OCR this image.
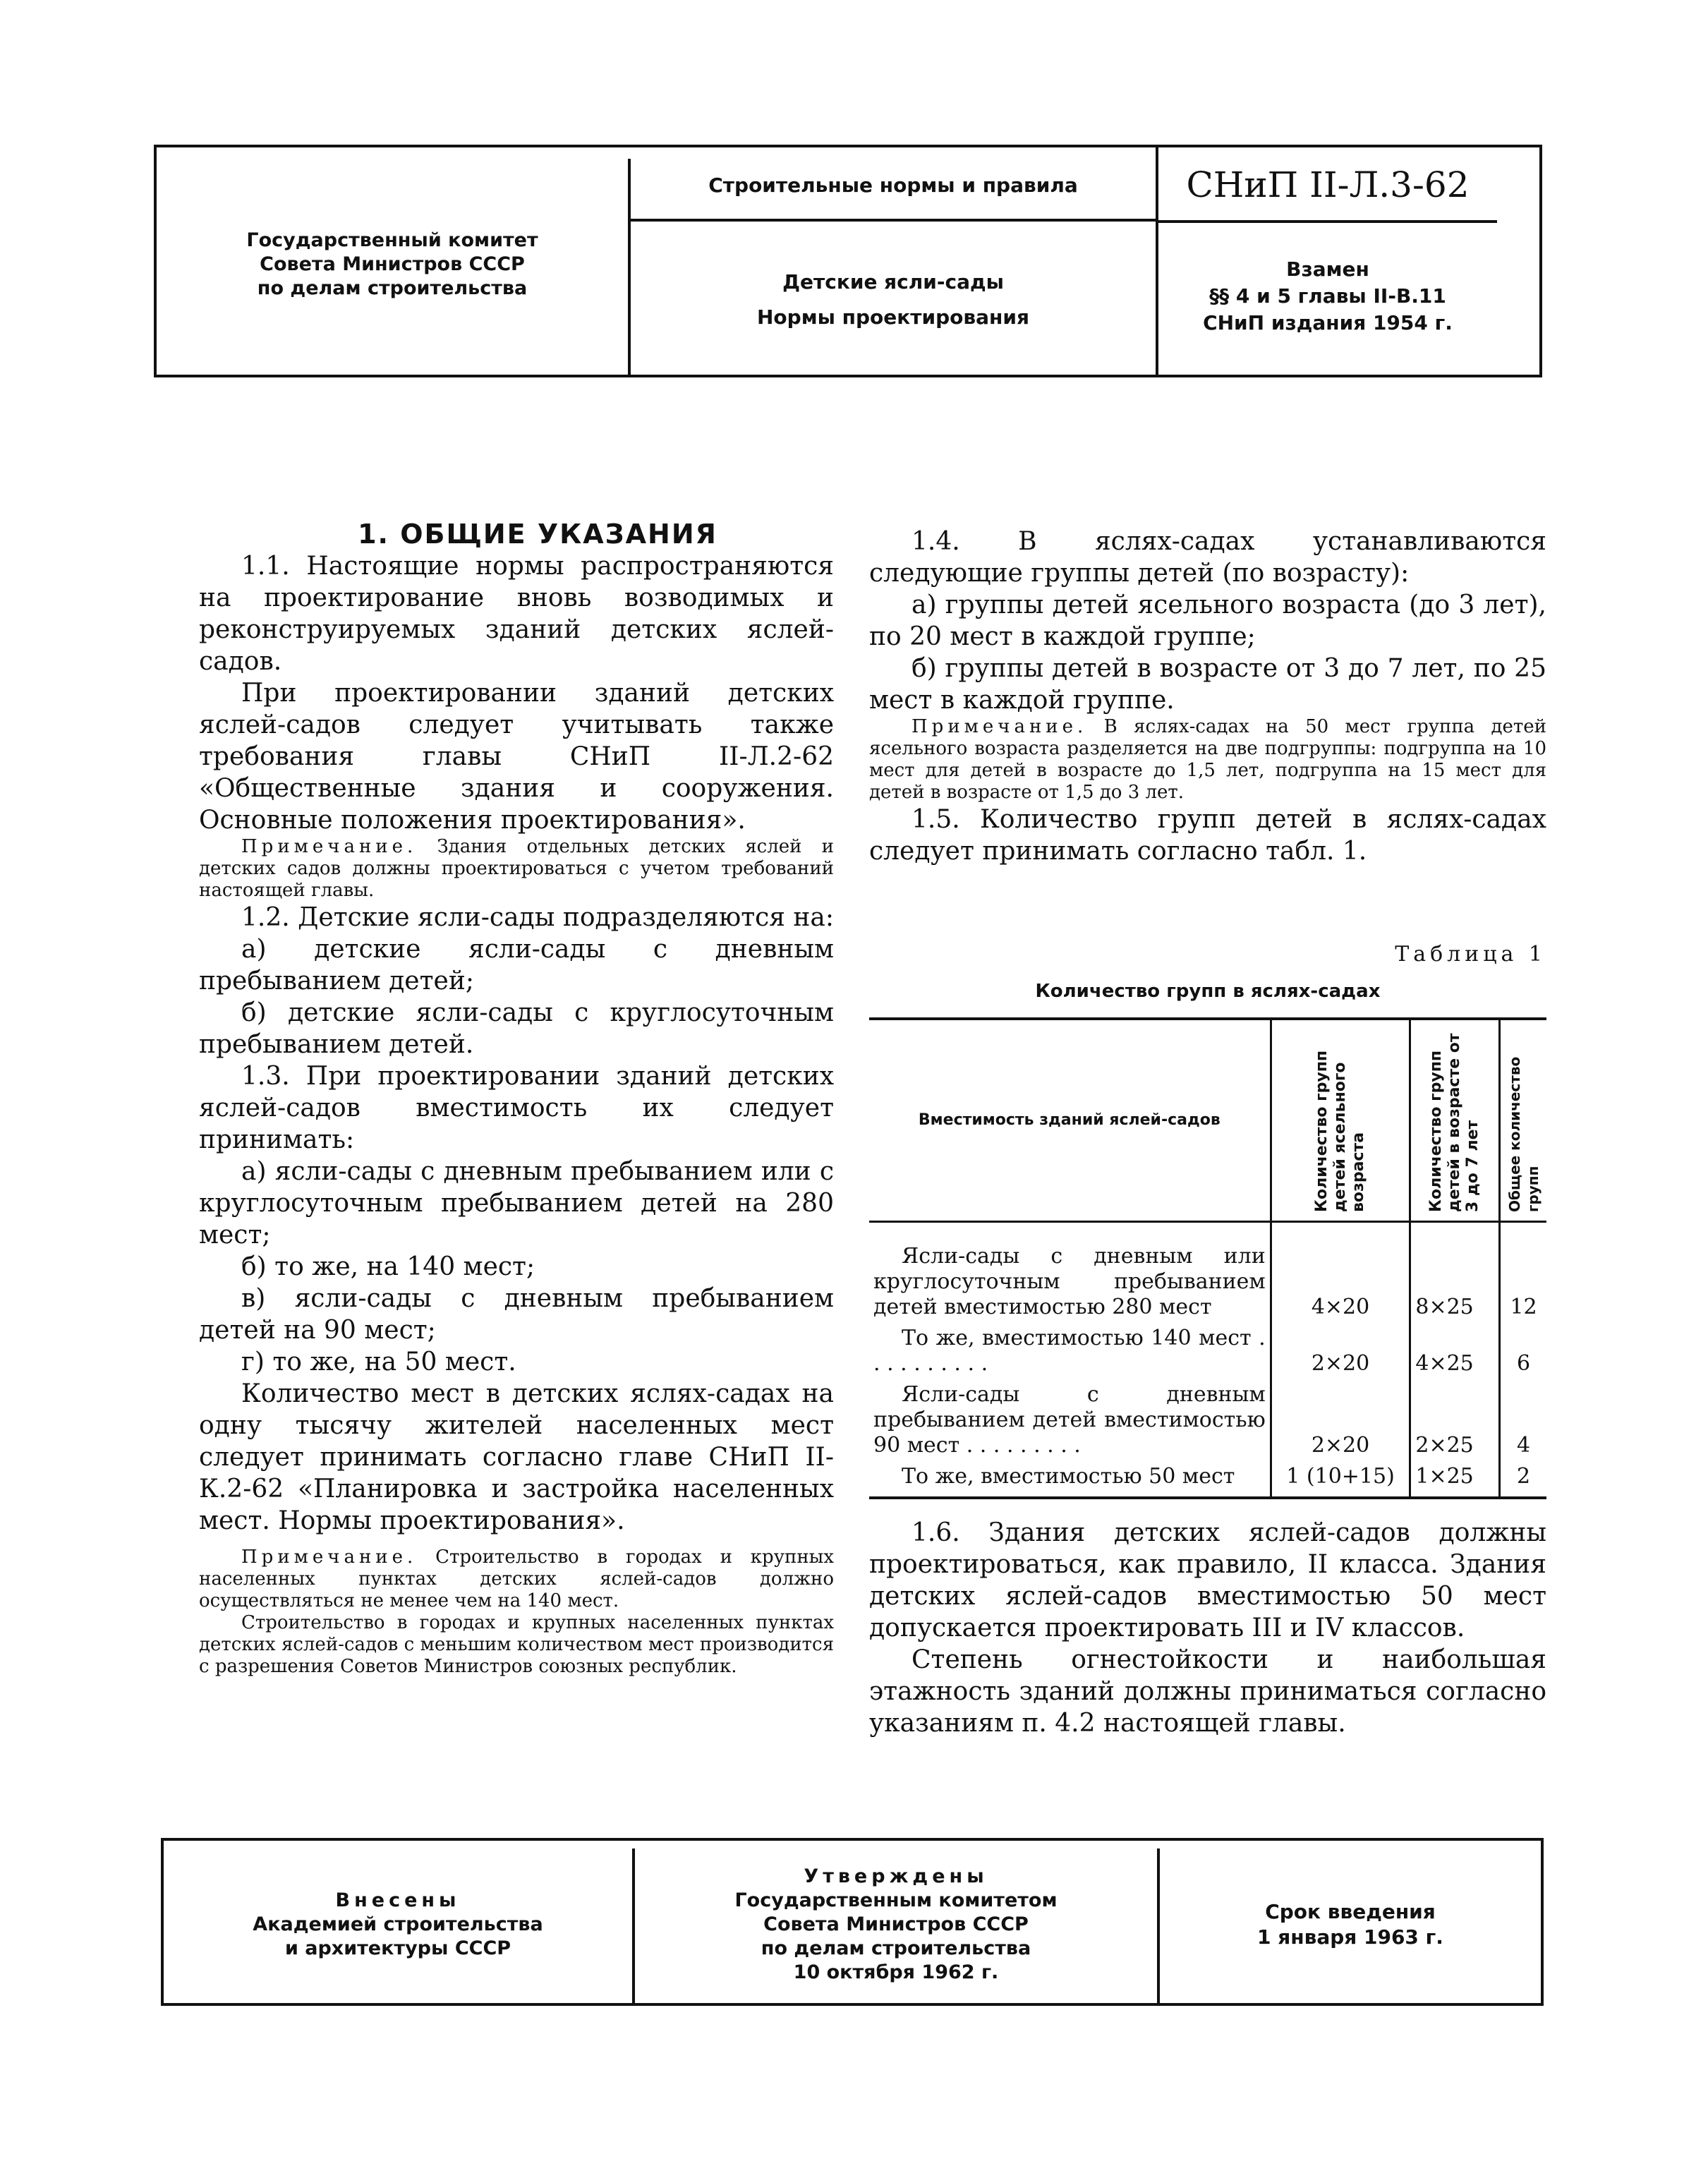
Государственный комитет
Совета Министров СССР
по делам строительства
Строительные нормы и правила	СНиП II-Л.3-62
Детские ясли-сады
Нормы проектирования
Взамен
§§ 4 и 5 главы II-В.11
СНиП издания 1954 г.

1. ОБЩИЕ УКАЗАНИЯ

1.1. Настоящие нормы распространяются на проектирование вновь возводимых и реконструируемых зданий детских яслей-садов.

При проектировании зданий детских яслей-садов следует учитывать также требования главы СНиП II-Л.2-62 «Общественные здания и сооружения. Основные положения проектирования».

Примечание. Здания отдельных детских яслей и детских садов должны проектироваться с учетом требований настоящей главы.

1.2. Детские ясли-сады подразделяются на:

а) детские ясли-сады с дневным пребыванием детей;

б) детские ясли-сады с круглосуточным пребыванием детей.

1.3. При проектировании зданий детских яслей-садов вместимость их следует принимать:

а) ясли-сады с дневным пребыванием или с круглосуточным пребыванием детей на 280 мест;

б) то же, на 140 мест;

в) ясли-сады с дневным пребыванием детей на 90 мест;

г) то же, на 50 мест.

Количество мест в детских яслях-садах на одну тысячу жителей населенных мест следует принимать согласно главе СНиП II-К.2-62 «Планировка и застройка населенных мест. Нормы проектирования».

Примечание. Строительство в городах и крупных населенных пунктах детских яслей-садов должно осуществляться не менее чем на 140 мест.

Строительство в городах и крупных населенных пунктах детских яслей-садов с меньшим количеством мест производится с разрешения Советов Министров союзных республик.

1.4. В яслях-садах устанавливаются следующие группы детей (по возрасту):

а) группы детей ясельного возраста (до 3 лет), по 20 мест в каждой группе;

б) группы детей в возрасте от 3 до 7 лет, по 25 мест в каждой группе.

Примечание. В яслях-садах на 50 мест группа детей ясельного возраста разделяется на две подгруппы: подгруппа на 10 мест для детей в возрасте до 1,5 лет, подгруппа на 15 мест для детей в возрасте от 1,5 до 3 лет.

1.5. Количество групп детей в яслях-садах следует принимать согласно табл. 1.

Таблица 1
Количество групп в яслях-садах
Вместимость зданий яслей-садов	Количество групп детей ясельного возраста	Количество групп детей в возрасте от 3 до 7 лет	Общее количество групп

Ясли-сады с дневным или круглосуточным пребыванием детей вместимостью 280 мест	4×20	8×25	12
То же, вместимостью 140 мест . . . . . . . . . .	2×20	4×25	6
Ясли-сады с дневным пребыванием детей вместимостью 90 мест . . . . . . . . .	2×20	2×25	4
То же, вместимостью 50 мест	1 (10+15)	1×25	2

1.6. Здания детских яслей-садов должны проектироваться, как правило, II класса. Здания детских яслей-садов вместимостью 50 мест допускается проектировать III и IV классов.

Степень огнестойкости и наибольшая этажность зданий должны приниматься согласно указаниям п. 4.2 настоящей главы.

Внесены
Академией строительства
и архитектуры СССР
Утверждены
Государственным комитетом
Совета Министров СССР
по делам строительства
10 октября 1962 г.
Срок введения
1 января 1963 г.
